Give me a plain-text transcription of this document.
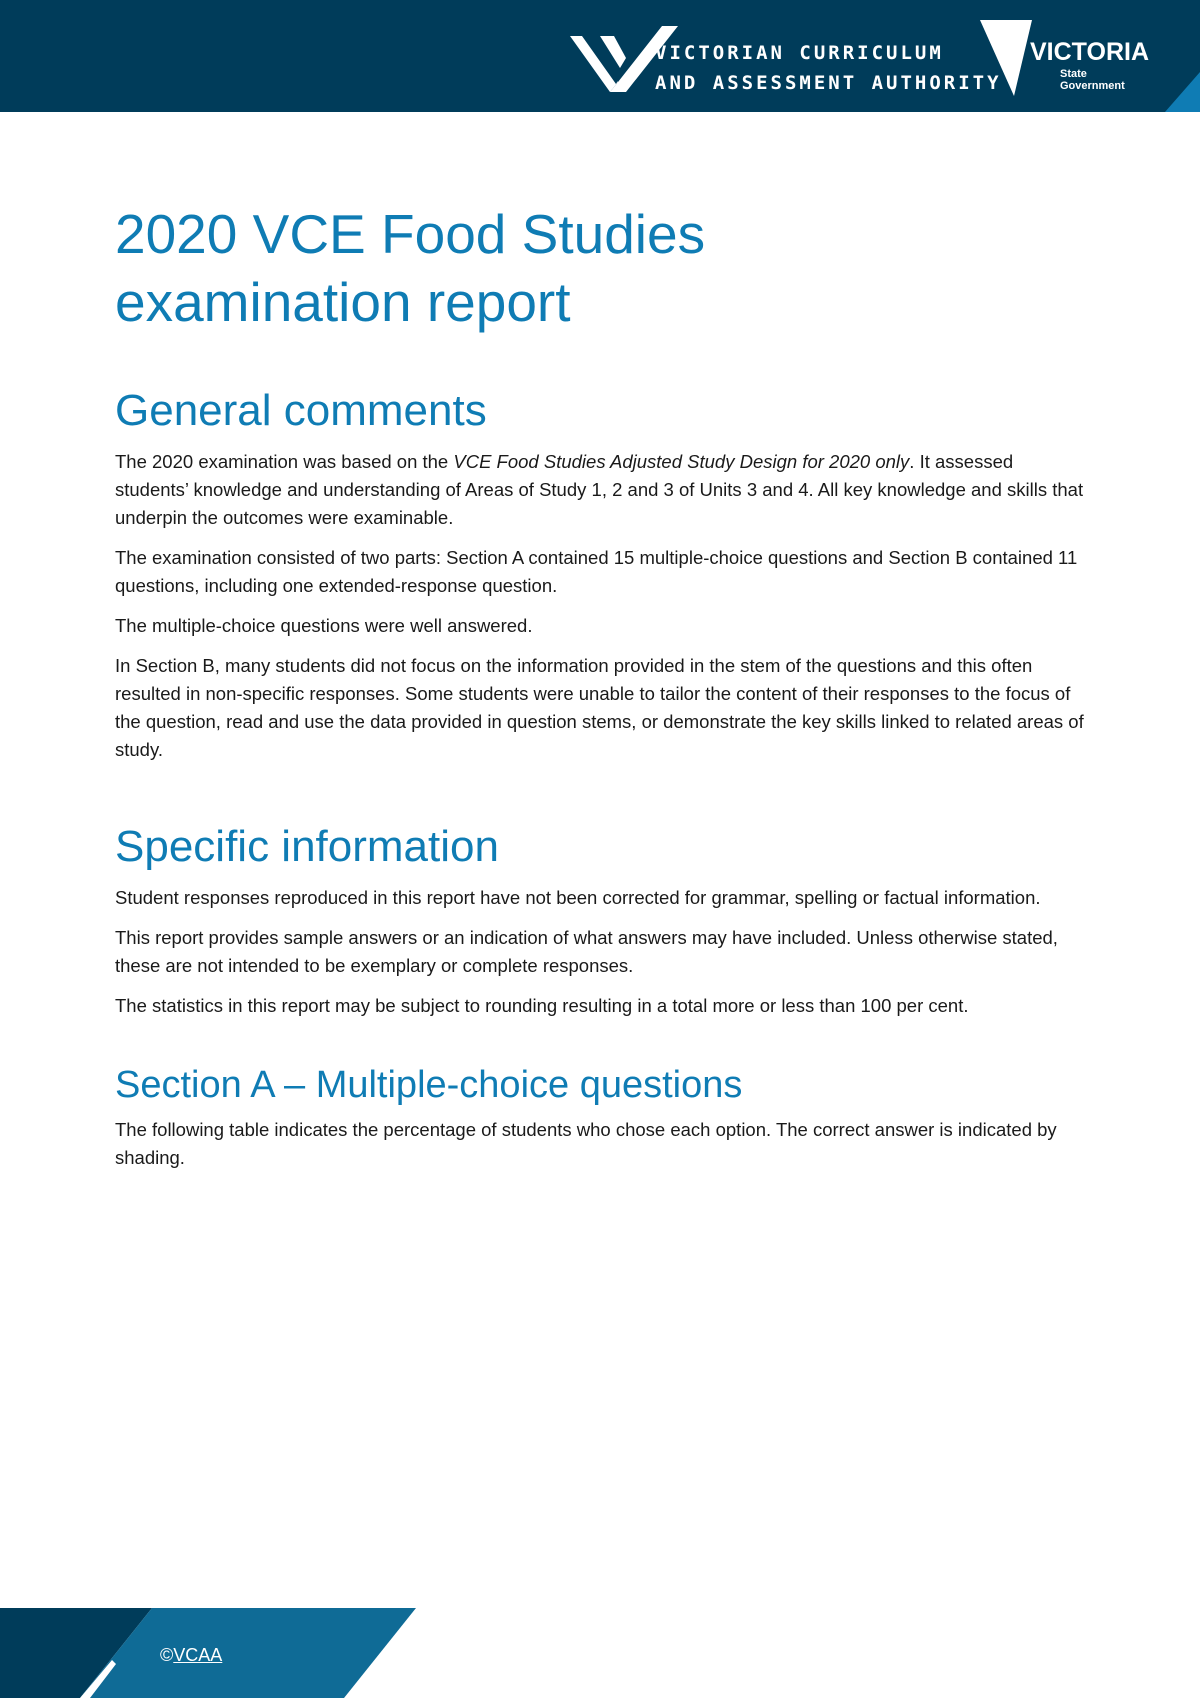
VICTORIAN CURRICULUM
AND ASSESSMENT AUTHORITY
VICTORIA
State
Government
2020 VCE Food Studies
examination report
General comments

The 2020 examination was based on the VCE Food Studies Adjusted Study Design for 2020 only. It assessed students’ knowledge and understanding of Areas of Study 1, 2 and 3 of Units 3 and 4. All key knowledge and skills that underpin the outcomes were examinable.

The examination consisted of two parts: Section A contained 15 multiple-choice questions and Section B contained 11 questions, including one extended-response question.

The multiple-choice questions were well answered.

In Section B, many students did not focus on the information provided in the stem of the questions and this often resulted in non-specific responses. Some students were unable to tailor the content of their responses to the focus of the question, read and use the data provided in question stems, or demonstrate the key skills linked to related areas of study.

Specific information

Student responses reproduced in this report have not been corrected for grammar, spelling or factual information.

This report provides sample answers or an indication of what answers may have included. Unless otherwise stated, these are not intended to be exemplary or complete responses.

The statistics in this report may be subject to rounding resulting in a total more or less than 100 per cent.

Section A – Multiple-choice questions

The following table indicates the percentage of students who chose each option. The correct answer is indicated by shading.

©VCAA
